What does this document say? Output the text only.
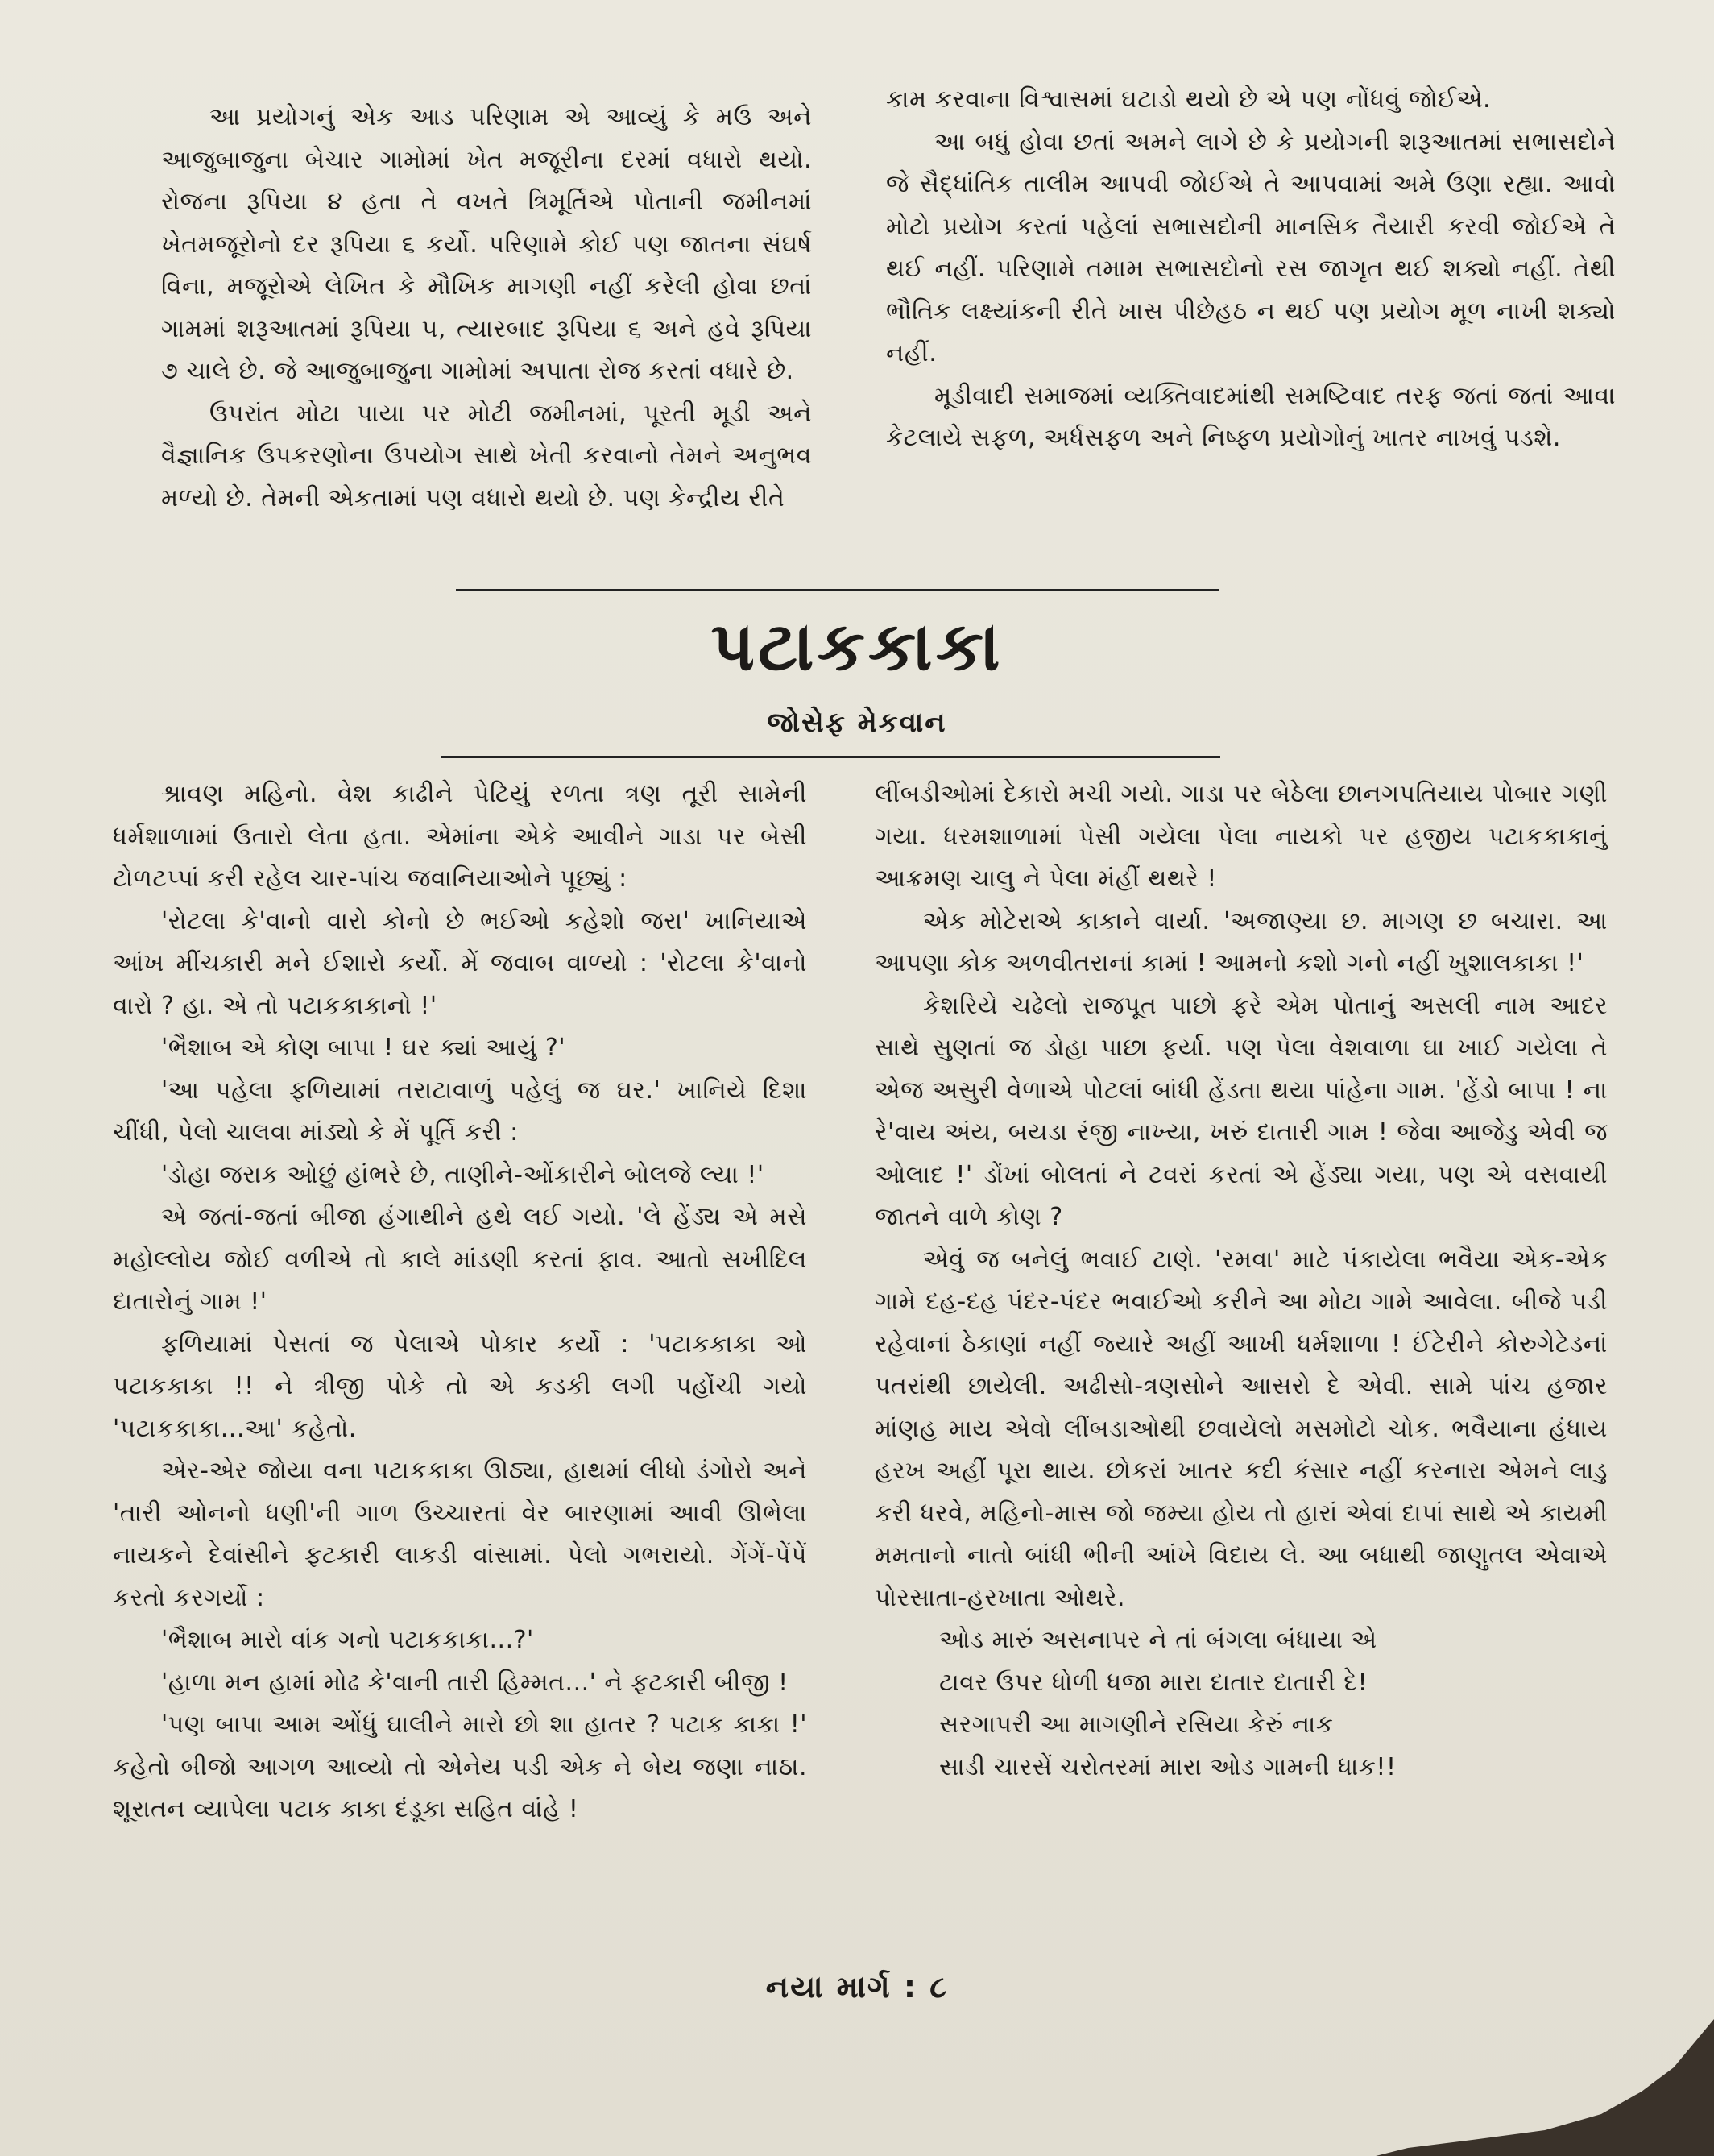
આ પ્રયોગનું એક આડ પરિણામ એ આવ્યું કે મઉ અને આજુબાજુના બેચાર ગામોમાં ખેત મજૂરીના દરમાં વધારો થયો. રોજના રૂપિયા ૪ હતા તે વખતે ત્રિમૂર્તિએ પોતાની જમીનમાં ખેતમજૂરોનો દર રૂપિયા ૬ કર્યો. પરિણામે કોઈ પણ જાતના સંઘર્ષ વિના, મજૂરોએ લેખિત કે મૌખિક માગણી નહીં કરેલી હોવા છતાં ગામમાં શરૂઆતમાં રૂપિયા ૫, ત્યારબાદ રૂપિયા ૬ અને હવે રૂપિયા ૭ ચાલે છે. જે આજુબાજુના ગામોમાં અપાતા રોજ કરતાં વધારે છે.

ઉપરાંત મોટા પાયા પર મોટી જમીનમાં, પૂરતી મૂડી અને વૈજ્ઞાનિક ઉપકરણોના ઉપયોગ સાથે ખેતી કરવાનો તેમને અનુભવ મળ્યો છે. તેમની એકતામાં પણ વધારો થયો છે. પણ કેન્દ્રીય રીતે

કામ કરવાના વિશ્વાસમાં ઘટાડો થયો છે એ પણ નોંધવું જોઈએ.

આ બધું હોવા છતાં અમને લાગે છે કે પ્રયોગની શરૂઆતમાં સભાસદોને જે સૈદ્ધાંતિક તાલીમ આપવી જોઈએ તે આપવામાં અમે ઉણા રહ્યા. આવો મોટો પ્રયોગ કરતાં પહેલાં સભાસદોની માનસિક તૈયારી કરવી જોઈએ તે થઈ નહીં. પરિણામે તમામ સભાસદોનો રસ જાગૃત થઈ શક્યો નહીં. તેથી ભૌતિક લક્ષ્યાંકની રીતે ખાસ પીછેહઠ ન થઈ પણ પ્રયોગ મૂળ નાખી શક્યો નહીં.

મૂડીવાદી સમાજમાં વ્યક્તિવાદમાંથી સમષ્ટિવાદ તરફ જતાં જતાં આવા કેટલાયે સફળ, અર્ધસફળ અને નિષ્ફળ પ્રયોગોનું ખાતર નાખવું પડશે.

પટાકકાકા
જોસેફ મેકવાન

શ્રાવણ મહિનો. વેશ કાઢીને પેટિયું રળતા ત્રણ તૂરી સામેની ધર્મશાળામાં ઉતારો લેતા હતા. એમાંના એકે આવીને ગાડા પર બેસી ટોળટપ્પાં કરી રહેલ ચાર-પાંચ જવાનિયાઓને પૂછ્યું :

'રોટલા કે'વાનો વારો કોનો છે ભઈઓ કહેશો જરા' ખાનિયાએ આંખ મીંચકારી મને ઈશારો કર્યો. મેં જવાબ વાળ્યો : 'રોટલા કે'વાનો વારો ? હા. એ તો પટાકકાકાનો !'

'ભૈશાબ એ કોણ બાપા ! ઘર ક્યાં આયું ?'

'આ પહેલા ફળિયામાં તરાટાવાળું પહેલું જ ઘર.' ખાનિયે દિશા ચીંધી, પેલો ચાલવા માંડ્યો કે મેં પૂર્તિ કરી :

'ડોહા જરાક ઓછું હાંભરે છે, તાણીને-ઓંકારીને બોલજે લ્યા !'

એ જતાં-જતાં બીજા હંગાથીને હથે લઈ ગયો. 'લે હેંડ્ય એ મસે મહોલ્લોય જોઈ વળીએ તો કાલે માંડણી કરતાં ફાવ. આતો સખીદિલ દાતારોનું ગામ !'

ફળિયામાં પેસતાં જ પેલાએ પોકાર કર્યો : 'પટાકકાકા ઓ પટાકકાકા !! ને ત્રીજી પોકે તો એ કડકી લગી પહોંચી ગયો 'પટાકકાકા...આ' કહેતો.

એર-એર જોયા વના પટાકકાકા ઊઠ્યા, હાથમાં લીધો ડંગોરો અને 'તારી ઓનનો ધણી'ની ગાળ ઉચ્ચારતાં વેર બારણામાં આવી ઊભેલા નાયકને દેવાંસીને ફટકારી લાકડી વાંસામાં. પેલો ગભરાયો. ગેંગેં-પેંપેં કરતો કરગર્યો :

'ભૈશાબ મારો વાંક ગનો પટાકકાકા...?'

'હાળા મન હામાં મોઢ કે'વાની તારી હિમ્મત...' ને ફટકારી બીજી !

'પણ બાપા આમ ઓંધું ઘાલીને મારો છો શા હાતર ? પટાક કાકા !' કહેતો બીજો આગળ આવ્યો તો એનેય પડી એક ને બેય જણા નાઠા. શૂરાતન વ્યાપેલા પટાક કાકા દંડૂકા સહિત વાંહે !

લીંબડીઓમાં દેકારો મચી ગયો. ગાડા પર બેઠેલા છાનગપતિયાય પોબાર ગણી ગયા. ધરમશાળામાં પેસી ગયેલા પેલા નાયકો પર હજીય પટાકકાકાનું આક્રમણ ચાલુ ને પેલા મંહીં થથરે !

એક મોટેરાએ કાકાને વાર્યા. 'અજાણ્યા છ. માગણ છ બચારા. આ આપણા કોક અળવીતરાનાં કામાં ! આમનો કશો ગનો નહીં ખુશાલકાકા !'

કેશરિયે ચઢેલો રાજપૂત પાછો ફરે એમ પોતાનું અસલી નામ આદર સાથે સુણતાં જ ડોહા પાછા ફર્યા. પણ પેલા વેશવાળા ઘા ખાઈ ગયેલા તે એજ અસુરી વેળાએ પોટલાં બાંધી હેંડતા થયા પાંહેના ગામ. 'હેંડો બાપા ! ના રે'વાય અંય, બયડા રંજી નાખ્યા, ખરું દાતારી ગામ ! જેવા આજેડુ એવી જ ઓલાદ !' ડોંખાં બોલતાં ને ટવરાં કરતાં એ હેંડ્યા ગયા, પણ એ વસવાયી જાતને વાળે કોણ ?

એવું જ બનેલું ભવાઈ ટાણે. 'રમવા' માટે પંકાયેલા ભવૈયા એક-એક ગામે દહ-દહ પંદર-પંદર ભવાઈઓ કરીને આ મોટા ગામે આવેલા. બીજે પડી રહેવાનાં ઠેકાણાં નહીં જ્યારે અહીં આખી ધર્મશાળા ! ઈંટેરીને કોરુગેટેડનાં પતરાંથી છાયેલી. અઢીસો-ત્રણસોને આસરો દે એવી. સામે પાંચ હજાર માંણહ માય એવો લીંબડાઓથી છવાયેલો મસમોટો ચોક. ભવૈયાના હંધાય હરખ અહીં પૂરા થાય. છોકરાં ખાતર કદી કંસાર નહીં કરનારા એમને લાડુ કરી ધરવે, મહિનો-માસ જો જમ્યા હોય તો હારાં એવાં દાપાં સાથે એ કાયમી મમતાનો નાતો બાંધી ભીની આંખે વિદાય લે. આ બધાથી જાણુતલ એવાએ પોરસાતા-હરખાતા ઓથરે.

ઓડ મારું અસનાપર ને તાં બંગલા બંધાયા એ

ટાવર ઉપર ધોળી ધજા મારા દાતાર દાતારી દે!

સરગાપરી આ માગણીને રસિયા કેરું નાક

સાડી ચારસેં ચરોતરમાં મારા ઓડ ગામની ધાક!!

નયા માર્ગ : ૮
